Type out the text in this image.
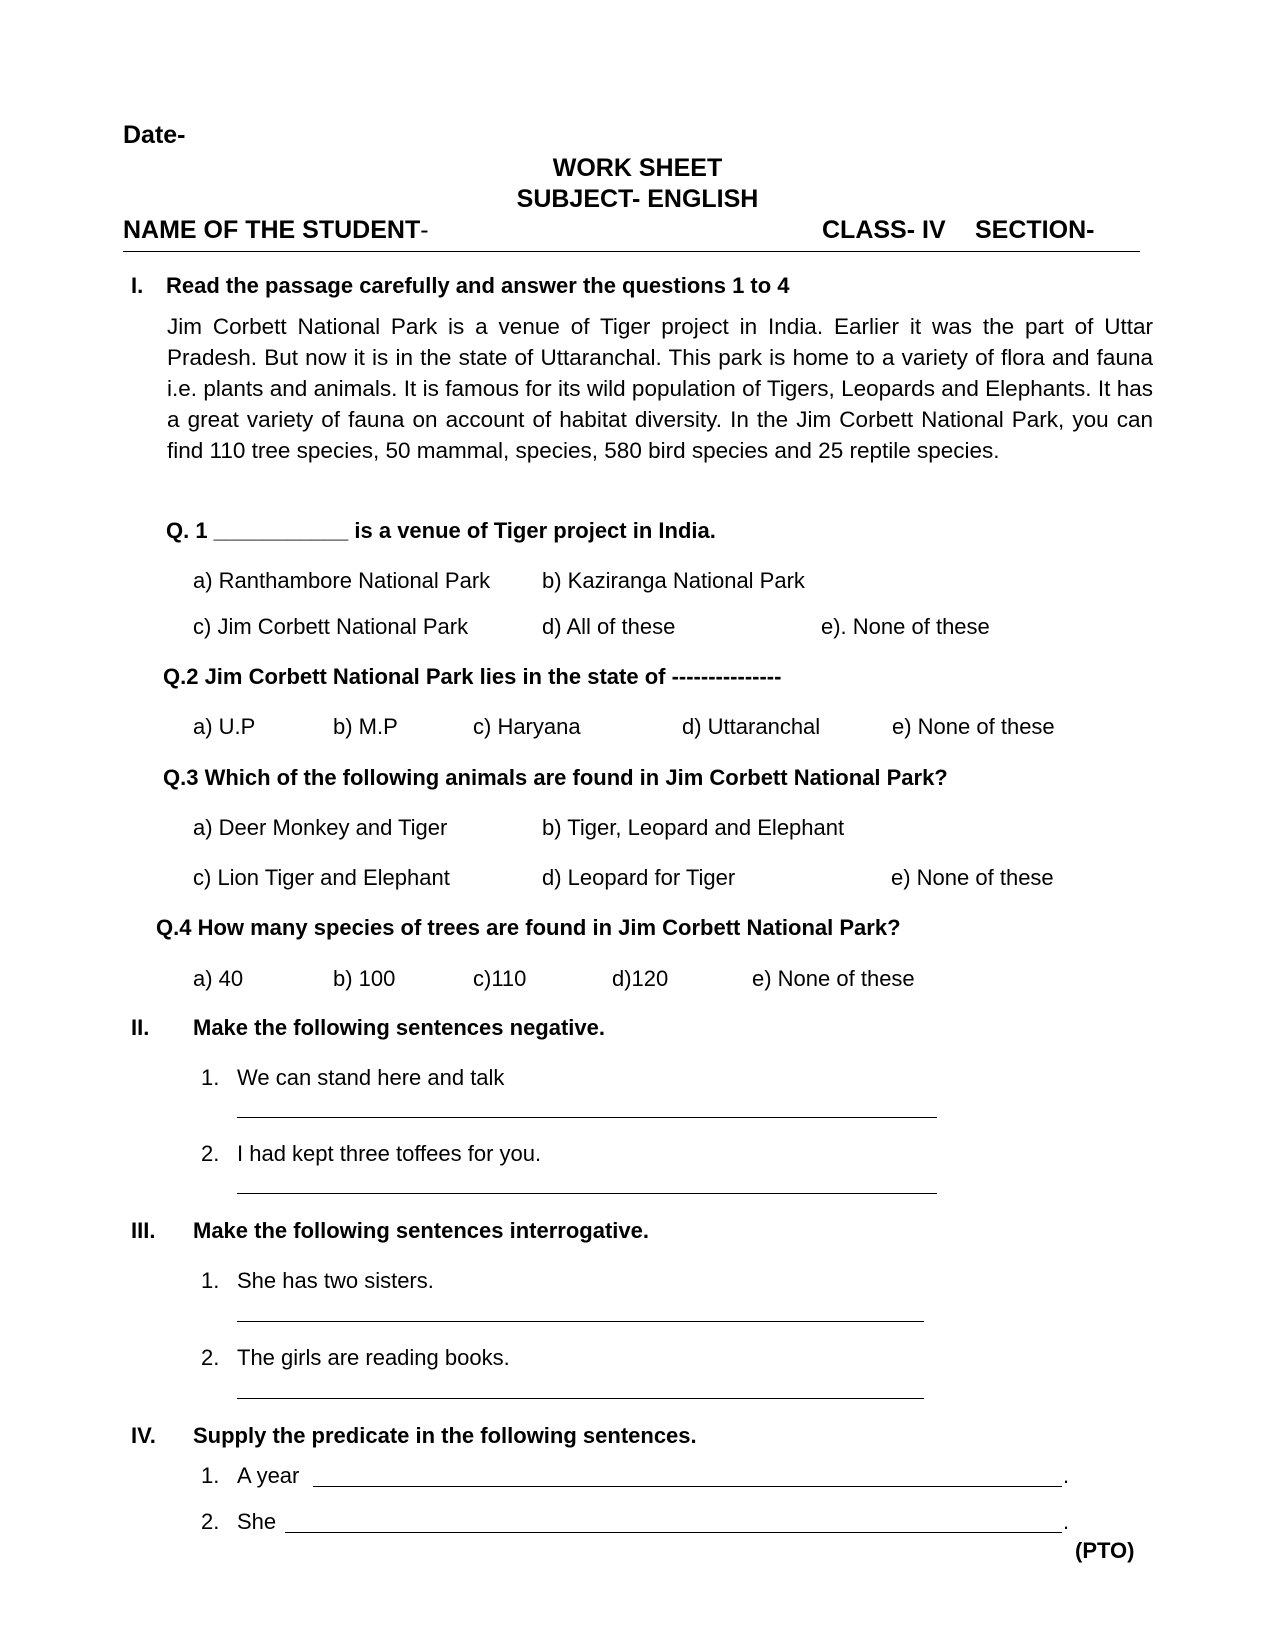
Date-
WORK SHEET
SUBJECT- ENGLISH
NAME OF THE STUDENT-	CLASS- IV SECTION-
I. Read the passage carefully and answer the questions 1 to 4
Jim Corbett National Park is a venue of Tiger project in India. Earlier it was the part of Uttar Pradesh. But now it is in the state of Uttaranchal. This park is home to a variety of flora and fauna i.e. plants and animals. It is famous for its wild population of Tigers, Leopards and Elephants. It has a great variety of fauna on account of habitat diversity. In the Jim Corbett National Park, you can find 110 tree species, 50 mammal, species, 580 bird species and 25 reptile species.
Q. 1 ___________ is a venue of Tiger project in India.
a) Ranthambore National Park b) Kaziranga National Park
c) Jim Corbett National Park	d) All of these	e). None of these
Q.2 Jim Corbett National Park lies in the state of ---------------
a) U.P	b) M.P	c) Haryana	d) Uttaranchal	e) None of these
Q.3 Which of the following animals are found in Jim Corbett National Park?
a) Deer Monkey and Tiger	b) Tiger, Leopard and Elephant
c) Lion Tiger and Elephant	d) Leopard for Tiger	e) None of these
Q.4 How many species of trees are found in Jim Corbett National Park?
a) 40	b) 100	c)110	d)120	e) None of these
II. Make the following sentences negative.
1. We can stand here and talk
2. I had kept three toffees for you.
III. Make the following sentences interrogative.
1. She has two sisters.
2. The girls are reading books.
IV. Supply the predicate in the following sentences.
1. A year	.
2. She	.
(PTO)
